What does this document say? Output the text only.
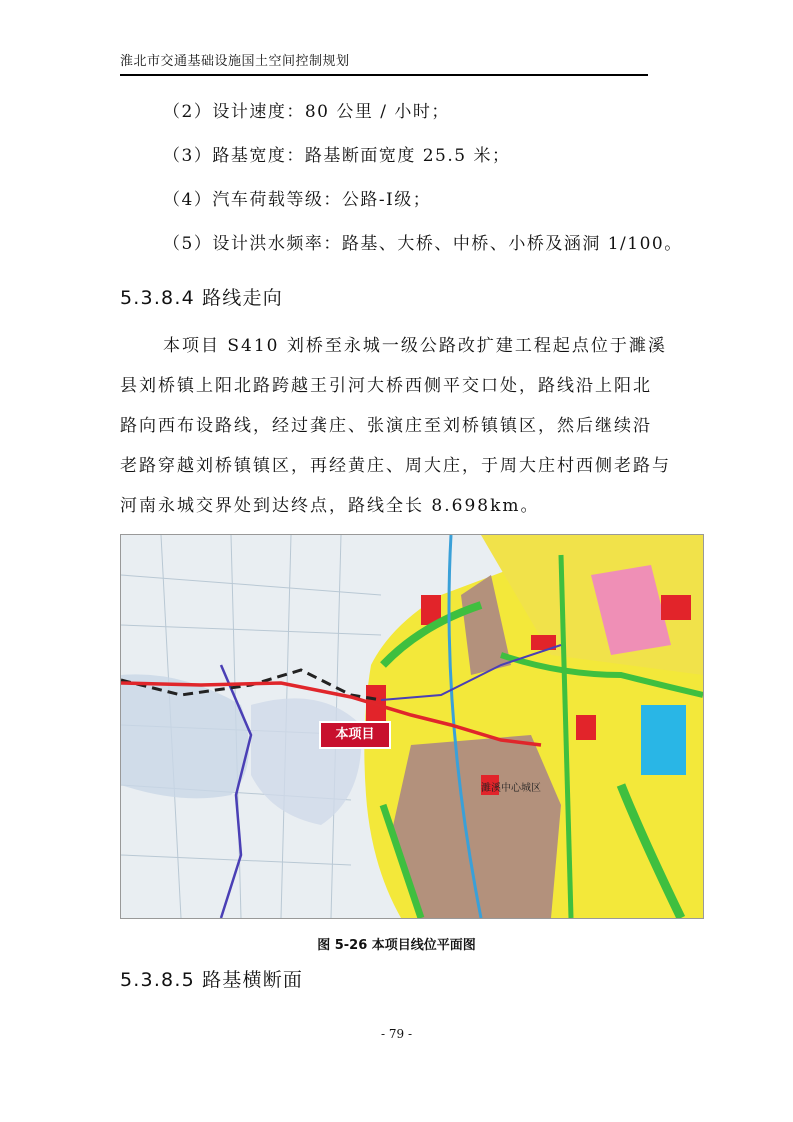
淮北市交通基础设施国土空间控制规划
（2）设计速度：80 公里 / 小时；
（3）路基宽度：路基断面宽度 25.5 米；
（4）汽车荷载等级：公路-Ⅰ级；
（5）设计洪水频率：路基、大桥、中桥、小桥及涵洞 1/100。
5.3.8.4 路线走向
本项目 S410 刘桥至永城一级公路改扩建工程起点位于濉溪
县刘桥镇上阳北路跨越王引河大桥西侧平交口处，路线沿上阳北
路向西布设路线，经过龚庄、张演庄至刘桥镇镇区，然后继续沿
老路穿越刘桥镇镇区，再经黄庄、周大庄，于周大庄村西侧老路与
河南永城交界处到达终点，路线全长 8.698km。
本项目
濉溪中心城区
图 5-26 本项目线位平面图
5.3.8.5 路基横断面
- 79 -
